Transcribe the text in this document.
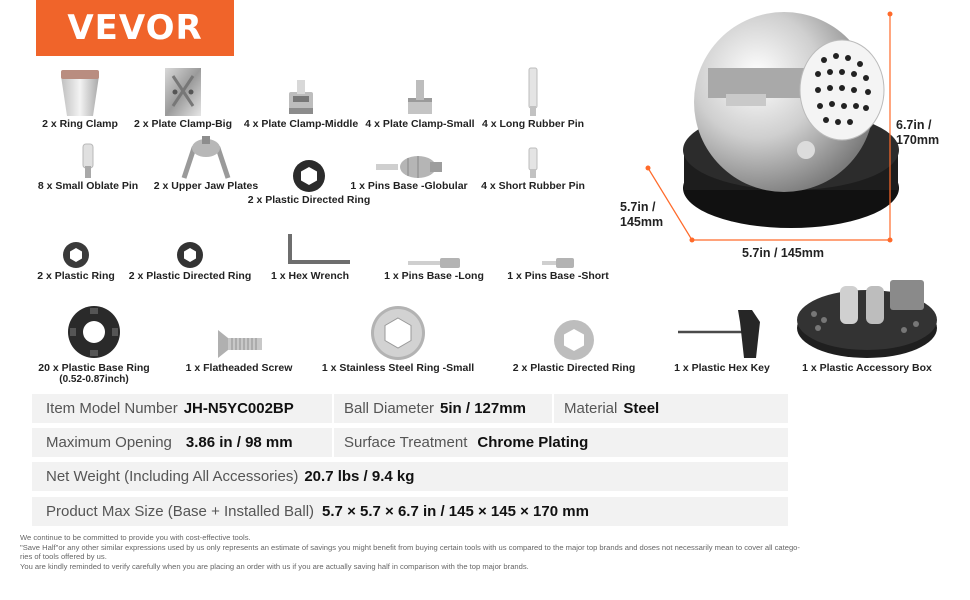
VEVOR
2 x Ring Clamp	2 x Plate Clamp-Big	4 x Plate Clamp-Middle 4 x Plate Clamp-Small 4 x Long Rubber Pin
8 x Small Oblate Pin	2 x Upper Jaw Plates
2 x Plastic Directed Ring
1 x Pins Base -Globular 4 x Short Rubber Pin
2 x Plastic Ring	2 x Plastic Directed Ring	1 x Hex Wrench	1 x Pins Base -Long	1 x Pins Base -Short
20 x Plastic Base Ring
(0.52-0.87inch)
1 x Flatheaded Screw	1 x Stainless Steel Ring -Small	2 x Plastic Directed Ring	1 x Plastic Hex Key	1 x Plastic Accessory Box
6.7in /
170mm
5.7in /
145mm
5.7in / 145mm
Item Model Number JH-N5YC002BP	Ball Diameter 5in / 127mm	Material Steel
Maximum Opening 3.86 in / 98 mm	Surface Treatment Chrome Plating
Net Weight (Including All Accessories) 20.7 lbs / 9.4 kg
Product Max Size (Base + Installed Ball) 5.7 × 5.7 × 6.7 in / 145 × 145 × 170 mm
We continue to be committed to provide you with cost-effective tools.
"Save Half"or any other similar expressions used by us only represents an estimate of savings you might benefit from buying certain tools with us compared to the major top brands and doses not necessarily mean to cover all catego-
ries of tools offered by us.
You are kindly reminded to verify carefully when you are placing an order with us if you are actually saving half in comparison with the top major brands.
